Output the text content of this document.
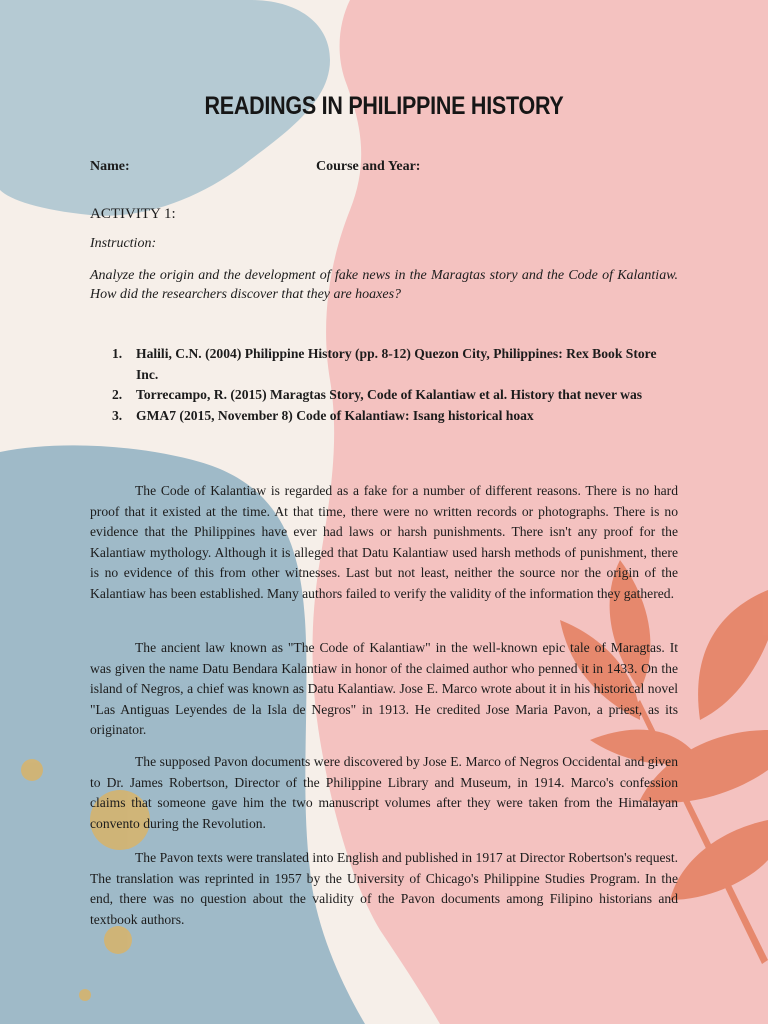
READINGS IN PHILIPPINE HISTORY
Name:	Course and Year:
ACTIVITY 1:
Instruction:
Analyze the origin and the development of fake news in the Maragtas story and the Code of Kalantiaw. How did the researchers discover that they are hoaxes?
1. Halili, C.N. (2004) Philippine History (pp. 8-12) Quezon City, Philippines: Rex Book Store Inc.
2. Torrecampo, R. (2015) Maragtas Story, Code of Kalantiaw et al. History that never was
3. GMA7 (2015, November 8) Code of Kalantiaw: Isang historical hoax

The Code of Kalantiaw is regarded as a fake for a number of different reasons. There is no hard proof that it existed at the time. At that time, there were no written records or photographs. There is no evidence that the Philippines have ever had laws or harsh punishments. There isn't any proof for the Kalantiaw mythology. Although it is alleged that Datu Kalantiaw used harsh methods of punishment, there is no evidence of this from other witnesses. Last but not least, neither the source nor the origin of the Kalantiaw has been established. Many authors failed to verify the validity of the information they gathered.

The ancient law known as "The Code of Kalantiaw" in the well-known epic tale of Maragtas. It was given the name Datu Bendara Kalantiaw in honor of the claimed author who penned it in 1433. On the island of Negros, a chief was known as Datu Kalantiaw. Jose E. Marco wrote about it in his historical novel "Las Antiguas Leyendes de la Isla de Negros" in 1913. He credited Jose Maria Pavon, a priest, as its originator.

The supposed Pavon documents were discovered by Jose E. Marco of Negros Occidental and given to Dr. James Robertson, Director of the Philippine Library and Museum, in 1914. Marco's confession claims that someone gave him the two manuscript volumes after they were taken from the Himalayan convento during the Revolution.

The Pavon texts were translated into English and published in 1917 at Director Robertson's request. The translation was reprinted in 1957 by the University of Chicago's Philippine Studies Program. In the end, there was no question about the validity of the Pavon documents among Filipino historians and textbook authors.
